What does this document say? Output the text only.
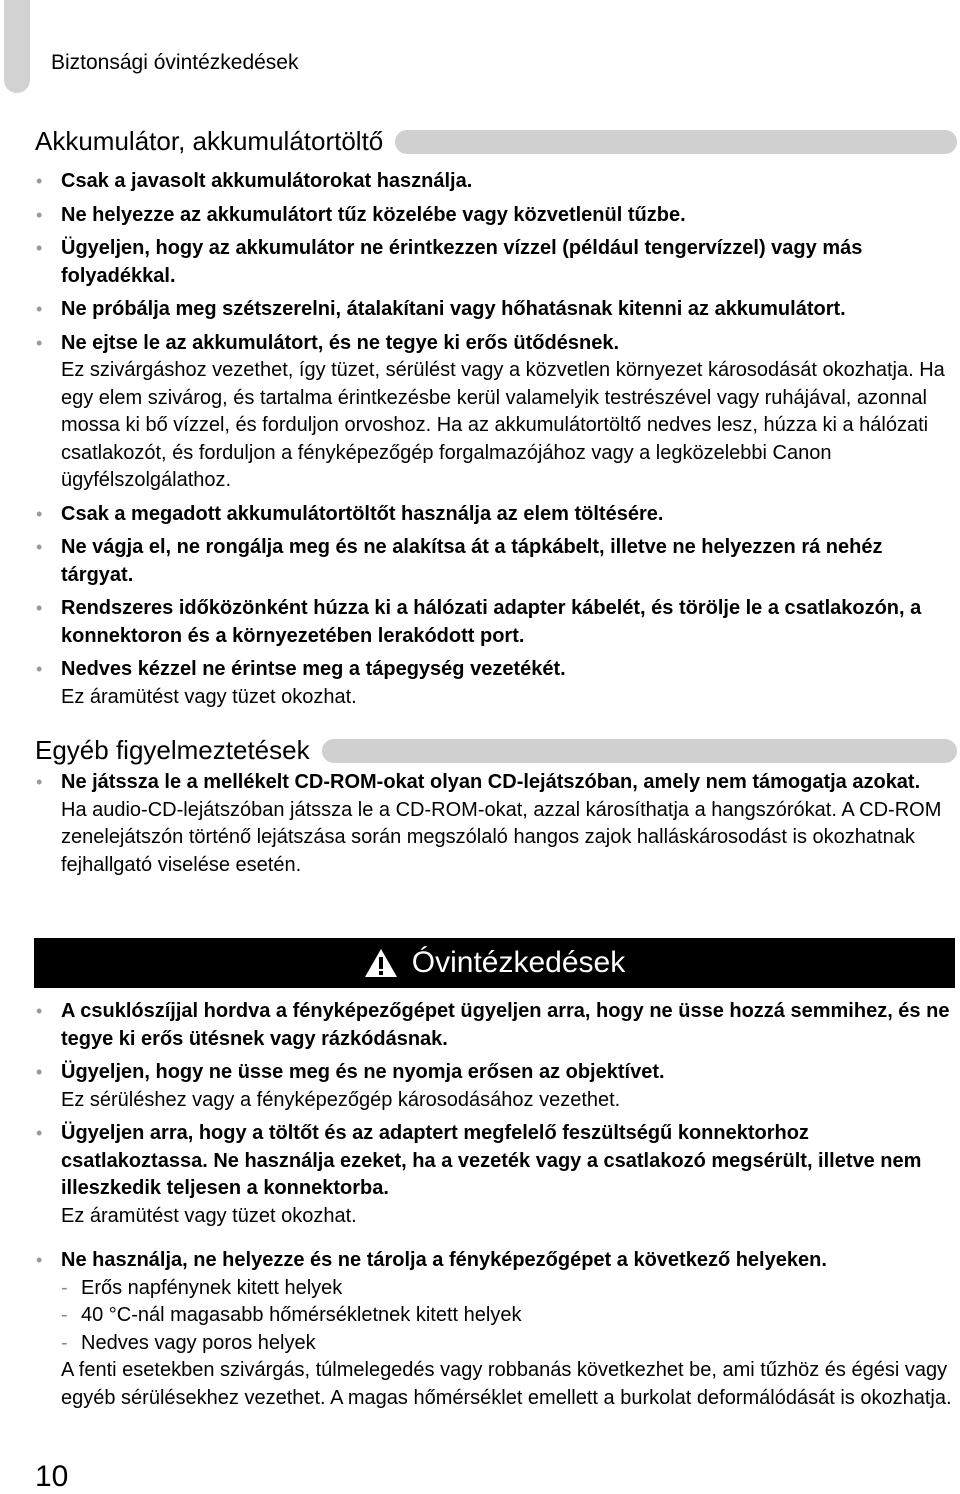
Biztonsági óvintézkedések
Akkumulátor, akkumulátortöltő
• Csak a javasolt akkumulátorokat használja.
• Ne helyezze az akkumulátort tűz közelébe vagy közvetlenül tűzbe.
• Ügyeljen, hogy az akkumulátor ne érintkezzen vízzel (például tengervízzel) vagy más folyadékkal.
• Ne próbálja meg szétszerelni, átalakítani vagy hőhatásnak kitenni az akkumulátort.
• Ne ejtse le az akkumulátort, és ne tegye ki erős ütődésnek.
Ez szivárgáshoz vezethet, így tüzet, sérülést vagy a közvetlen környezet károsodását okozhatja. Ha egy elem szivárog, és tartalma érintkezésbe kerül valamelyik testrészével vagy ruhájával, azonnal mossa ki bő vízzel, és forduljon orvoshoz. Ha az akkumulátortöltő nedves lesz, húzza ki a hálózati csatlakozót, és forduljon a fényképezőgép forgalmazójához vagy a legközelebbi Canon ügyfélszolgálathoz.
• Csak a megadott akkumulátortöltőt használja az elem töltésére.
• Ne vágja el, ne rongálja meg és ne alakítsa át a tápkábelt, illetve ne helyezzen rá nehéz tárgyat.
• Rendszeres időközönként húzza ki a hálózati adapter kábelét, és törölje le a csatlakozón, a konnektoron és a környezetében lerakódott port.
• Nedves kézzel ne érintse meg a tápegység vezetékét.
Ez áramütést vagy tüzet okozhat.
Egyéb figyelmeztetések
• Ne játssza le a mellékelt CD-ROM-okat olyan CD-lejátszóban, amely nem támogatja azokat.
Ha audio-CD-lejátszóban játssza le a CD-ROM-okat, azzal károsíthatja a hangszórókat. A CD-ROM zenelejátszón történő lejátszása során megszólaló hangos zajok halláskárosodást is okozhatnak fejhallgató viselése esetén.
Óvintézkedések
• A csuklószíjjal hordva a fényképezőgépet ügyeljen arra, hogy ne üsse hozzá semmihez, és ne tegye ki erős ütésnek vagy rázkódásnak.
• Ügyeljen, hogy ne üsse meg és ne nyomja erősen az objektívet.
Ez sérüléshez vagy a fényképezőgép károsodásához vezethet.
• Ügyeljen arra, hogy a töltőt és az adaptert megfelelő feszültségű konnektorhoz csatlakoztassa. Ne használja ezeket, ha a vezeték vagy a csatlakozó megsérült, illetve nem illeszkedik teljesen a konnektorba.
Ez áramütést vagy tüzet okozhat.
• Ne használja, ne helyezze és ne tárolja a fényképezőgépet a következő helyeken.
- Erős napfénynek kitett helyek
- 40 °C-nál magasabb hőmérsékletnek kitett helyek
- Nedves vagy poros helyek
A fenti esetekben szivárgás, túlmelegedés vagy robbanás következhet be, ami tűzhöz és égési vagy egyéb sérülésekhez vezethet. A magas hőmérséklet emellett a burkolat deformálódását is okozhatja.
10
